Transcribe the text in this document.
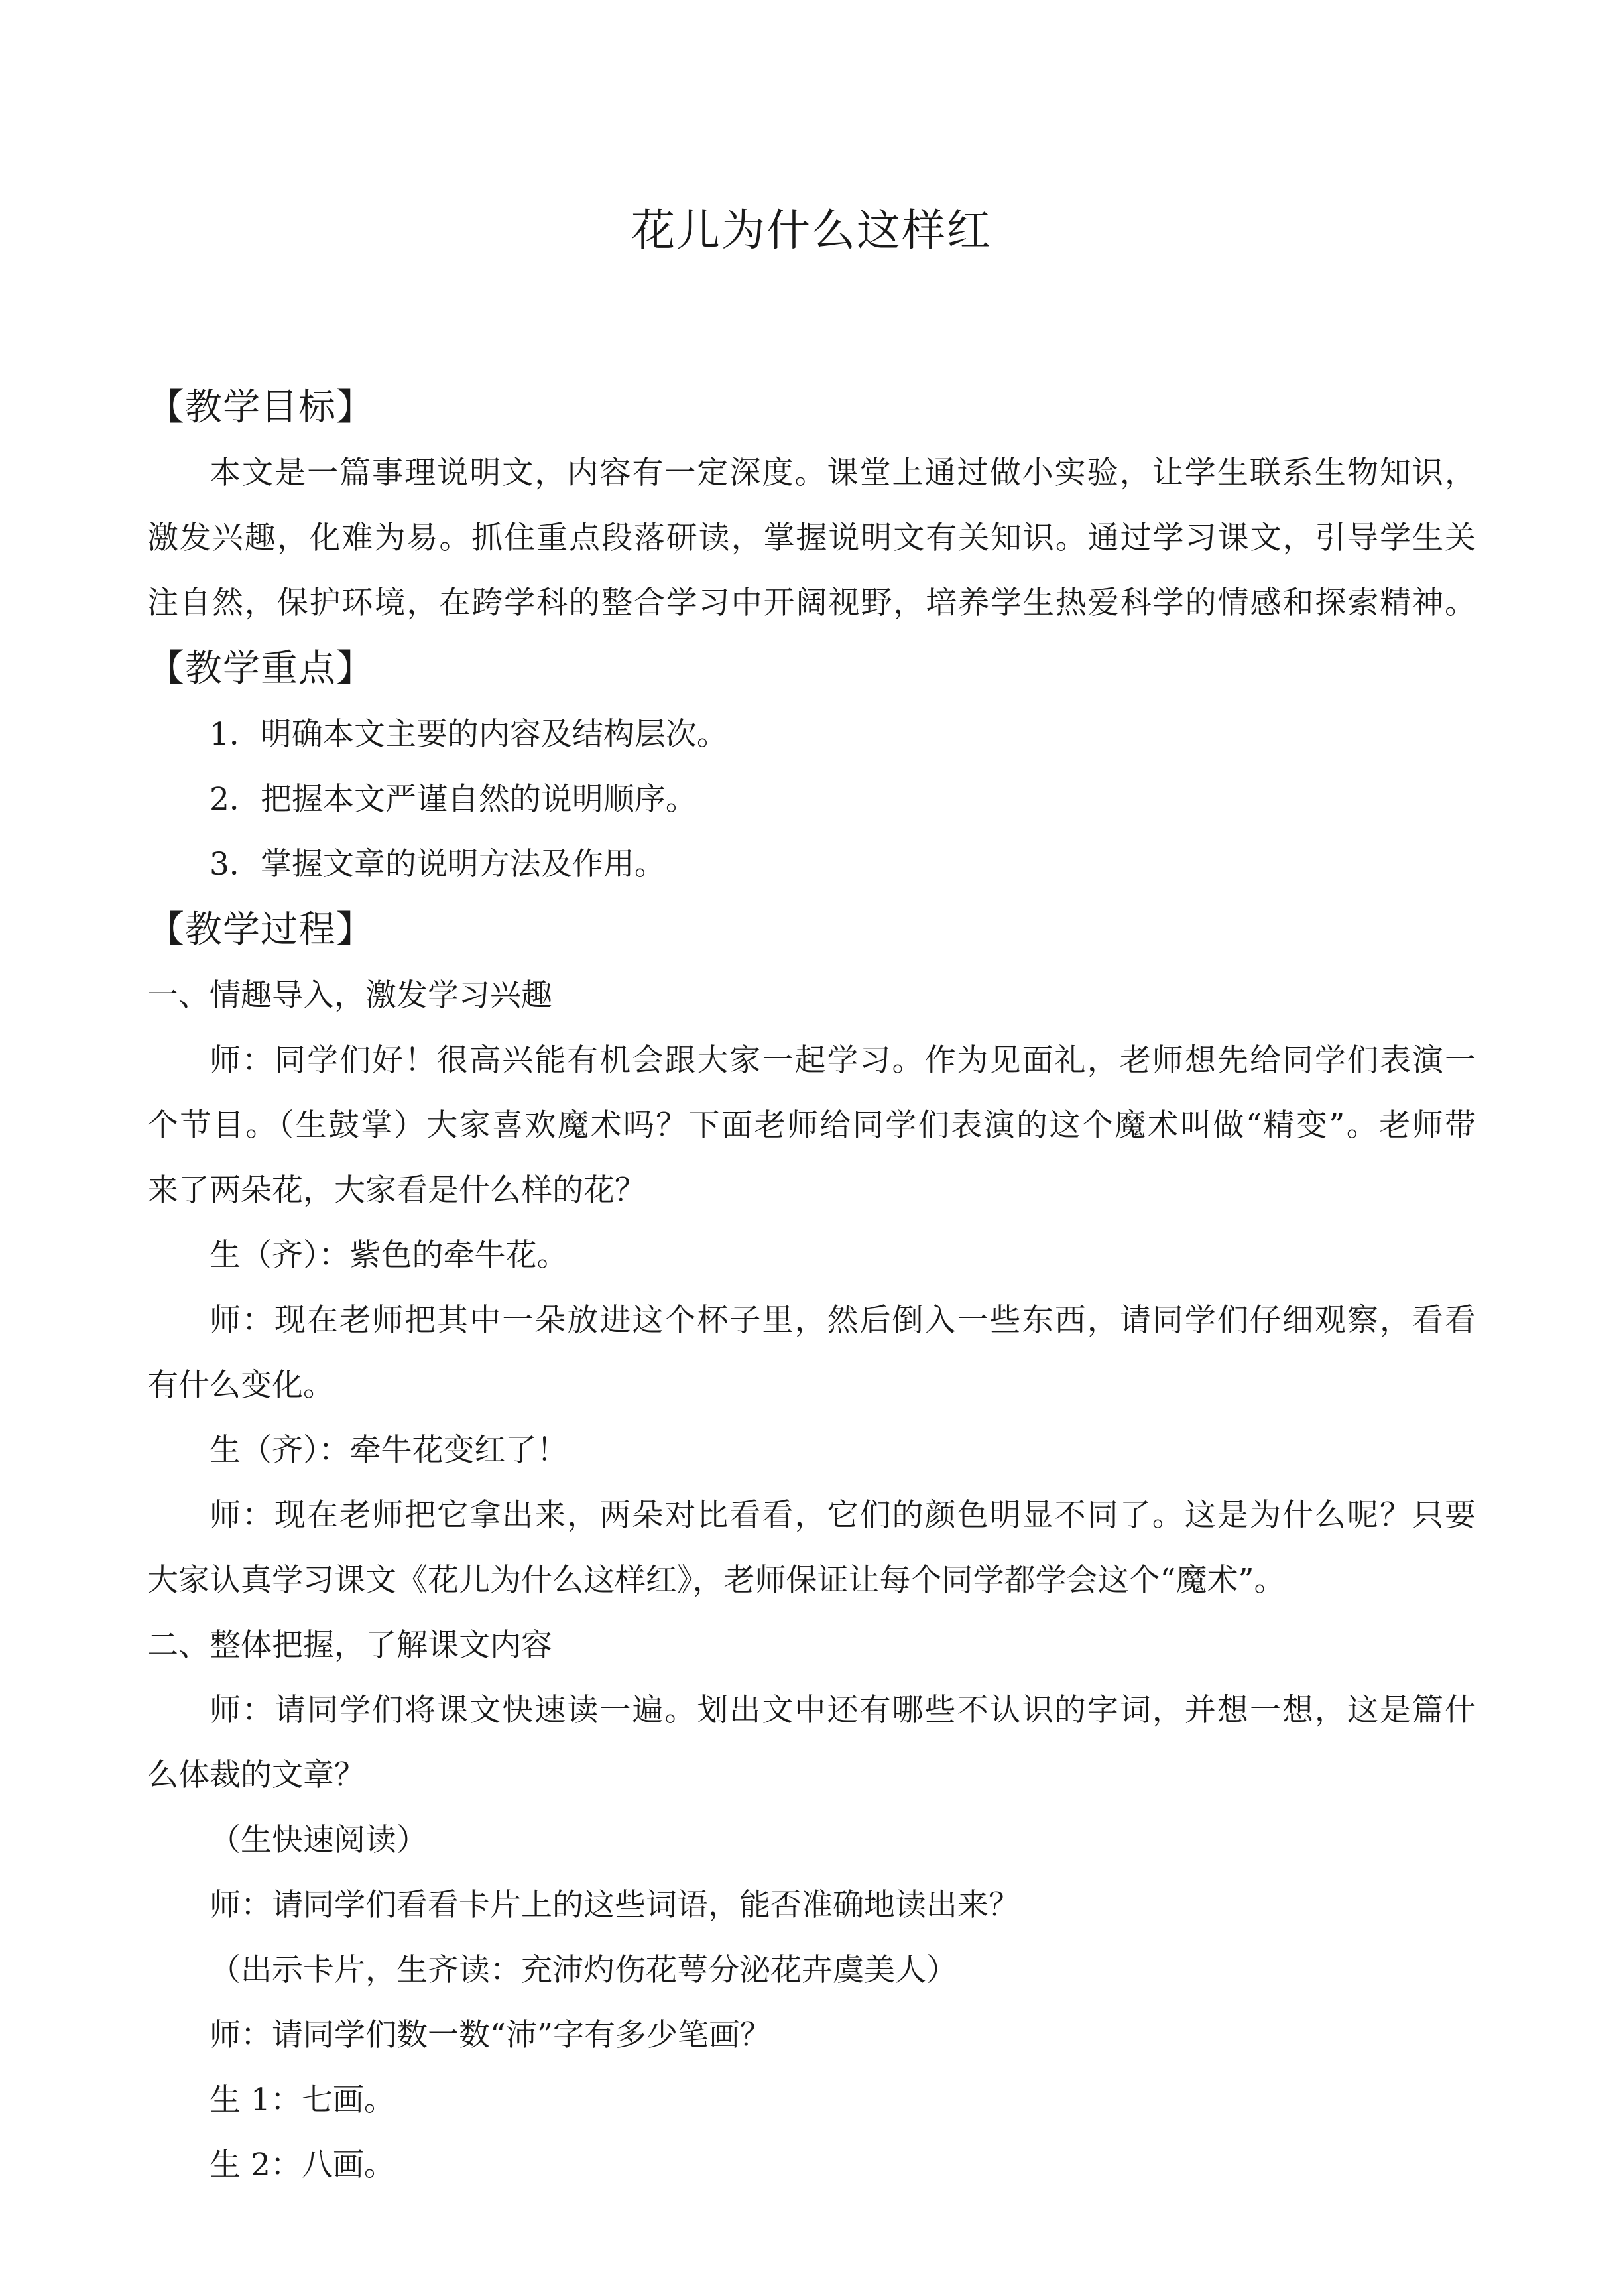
花儿为什么这样红
【教学目标】
本文是一篇事理说明文，内容有一定深度。课堂上通过做小实验，让学生联系生物知识，
激发兴趣，化难为易。抓住重点段落研读，掌握说明文有关知识。通过学习课文，引导学生关
注自然，保护环境，在跨学科的整合学习中开阔视野，培养学生热爱科学的情感和探索精神。
【教学重点】
1．明确本文主要的内容及结构层次。
2．把握本文严谨自然的说明顺序。
3．掌握文章的说明方法及作用。
【教学过程】
一、情趣导入，激发学习兴趣
师：同学们好！很高兴能有机会跟大家一起学习。作为见面礼，老师想先给同学们表演一
个节目。（生鼓掌）大家喜欢魔术吗？下面老师给同学们表演的这个魔术叫做“精变”。老师带
来了两朵花，大家看是什么样的花？
生（齐）：紫色的牵牛花。
师：现在老师把其中一朵放进这个杯子里，然后倒入一些东西，请同学们仔细观察，看看
有什么变化。
生（齐）：牵牛花变红了！
师：现在老师把它拿出来，两朵对比看看，它们的颜色明显不同了。这是为什么呢？只要
大家认真学习课文《花儿为什么这样红》，老师保证让每个同学都学会这个“魔术”。
二、整体把握，了解课文内容
师：请同学们将课文快速读一遍。划出文中还有哪些不认识的字词，并想一想，这是篇什
么体裁的文章？
（生快速阅读）
师：请同学们看看卡片上的这些词语，能否准确地读出来？
（出示卡片，生齐读：充沛灼伤花萼分泌花卉虞美人）
师：请同学们数一数“沛”字有多少笔画？
生 1：七画。
生 2：八画。
